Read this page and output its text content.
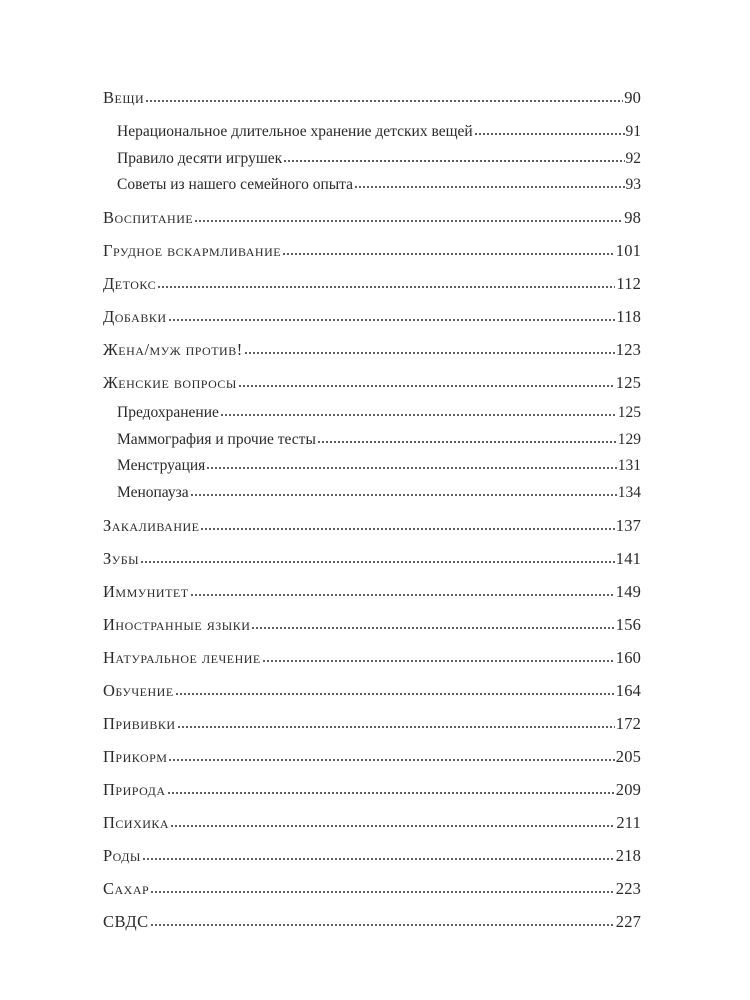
Вещи	90
Нерациональное длительное хранение детских вещей	91
Правило десяти игрушек	92
Советы из нашего семейного опыта	93
Воспитание	98
Грудное вскармливание	101
Детокс	112
Добавки	118
Жена/муж против!	123
Женские вопросы	125
Предохранение	125
Маммография и прочие тесты	129
Менструация	131
Менопауза	134
Закаливание	137
Зубы	141
Иммунитет	149
Иностранные языки	156
Натуральное лечение	160
Обучение	164
Прививки	172
Прикорм	205
Природа	209
Психика	211
Роды	218
Сахар	223
СВДС	227
